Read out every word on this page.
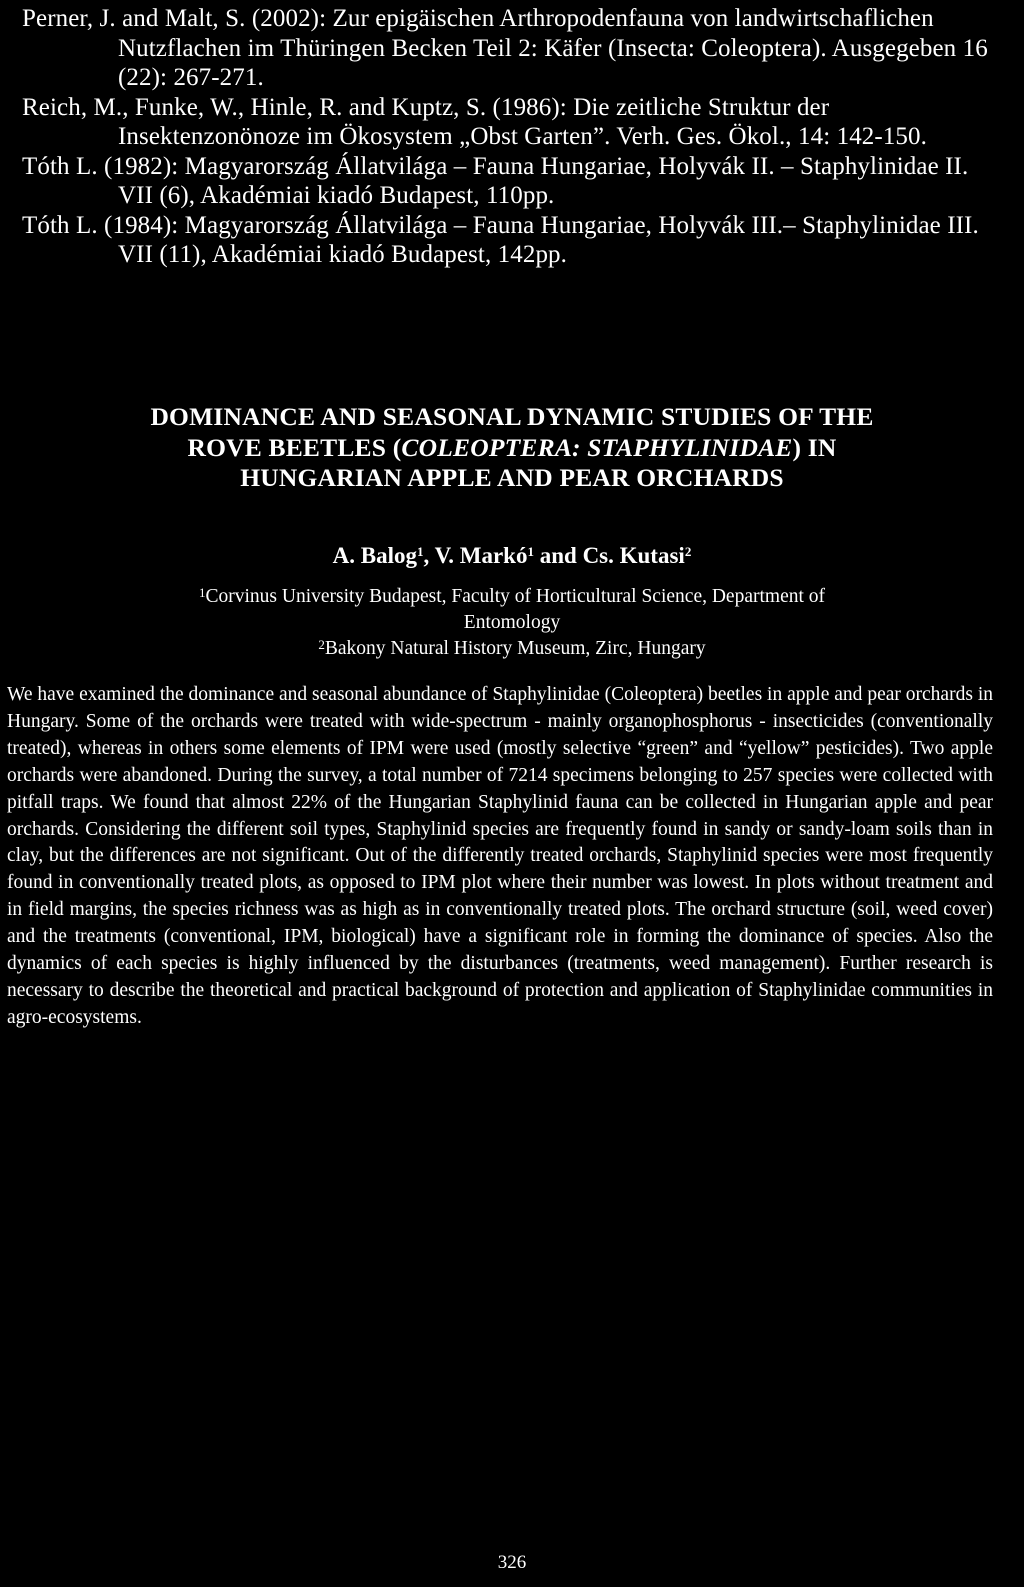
Perner, J. and Malt, S. (2002): Zur epigäischen Arthropodenfauna von landwirtschaflichen Nutzflachen im Thüringen Becken Teil 2: Käfer (Insecta: Coleoptera). Ausgegeben 16 (22): 267-271.

Reich, M., Funke, W., Hinle, R. and Kuptz, S. (1986): Die zeitliche Struktur der Insektenzonönoze im Ökosystem „Obst Garten”. Verh. Ges. Ökol., 14: 142-150.

Tóth L. (1982): Magyarország Állatvilága – Fauna Hungariae, Holyvák II. – Staphylinidae II. VII (6), Akadémiai kiadó Budapest, 110pp.

Tóth L. (1984): Magyarország Állatvilága – Fauna Hungariae, Holyvák III.– Staphylinidae III. VII (11), Akadémiai kiadó Budapest, 142pp.

DOMINANCE AND SEASONAL DYNAMIC STUDIES OF THE
ROVE BEETLES (COLEOPTERA: STAPHYLINIDAE) IN
HUNGARIAN APPLE AND PEAR ORCHARDS
A. Balog$^1$, V. Markó$^1$ and Cs. Kutasi$^2$
$^1$Corvinus University Budapest, Faculty of Horticultural Science, Department of
Entomology
$^2$Bakony Natural History Museum, Zirc, Hungary

We have examined the dominance and seasonal abundance of Staphylinidae (Coleoptera) beetles in apple and pear orchards in Hungary. Some of the orchards were treated with wide-spectrum - mainly organophosphorus - insecticides (conventionally treated), whereas in others some elements of IPM were used (mostly selective “green” and “yellow” pesticides). Two apple orchards were abandoned. During the survey, a total number of 7214 specimens belonging to 257 species were collected with pitfall traps. We found that almost 22% of the Hungarian Staphylinid fauna can be collected in Hungarian apple and pear orchards. Considering the different soil types, Staphylinid species are frequently found in sandy or sandy-loam soils than in clay, but the differences are not significant. Out of the differently treated orchards, Staphylinid species were most frequently found in conventionally treated plots, as opposed to IPM plot where their number was lowest. In plots without treatment and in field margins, the species richness was as high as in conventionally treated plots. The orchard structure (soil, weed cover) and the treatments (conventional, IPM, biological) have a significant role in forming the dominance of species. Also the dynamics of each species is highly influenced by the disturbances (treatments, weed management). Further research is necessary to describe the theoretical and practical background of protection and application of Staphylinidae communities in agro-ecosystems.

326
